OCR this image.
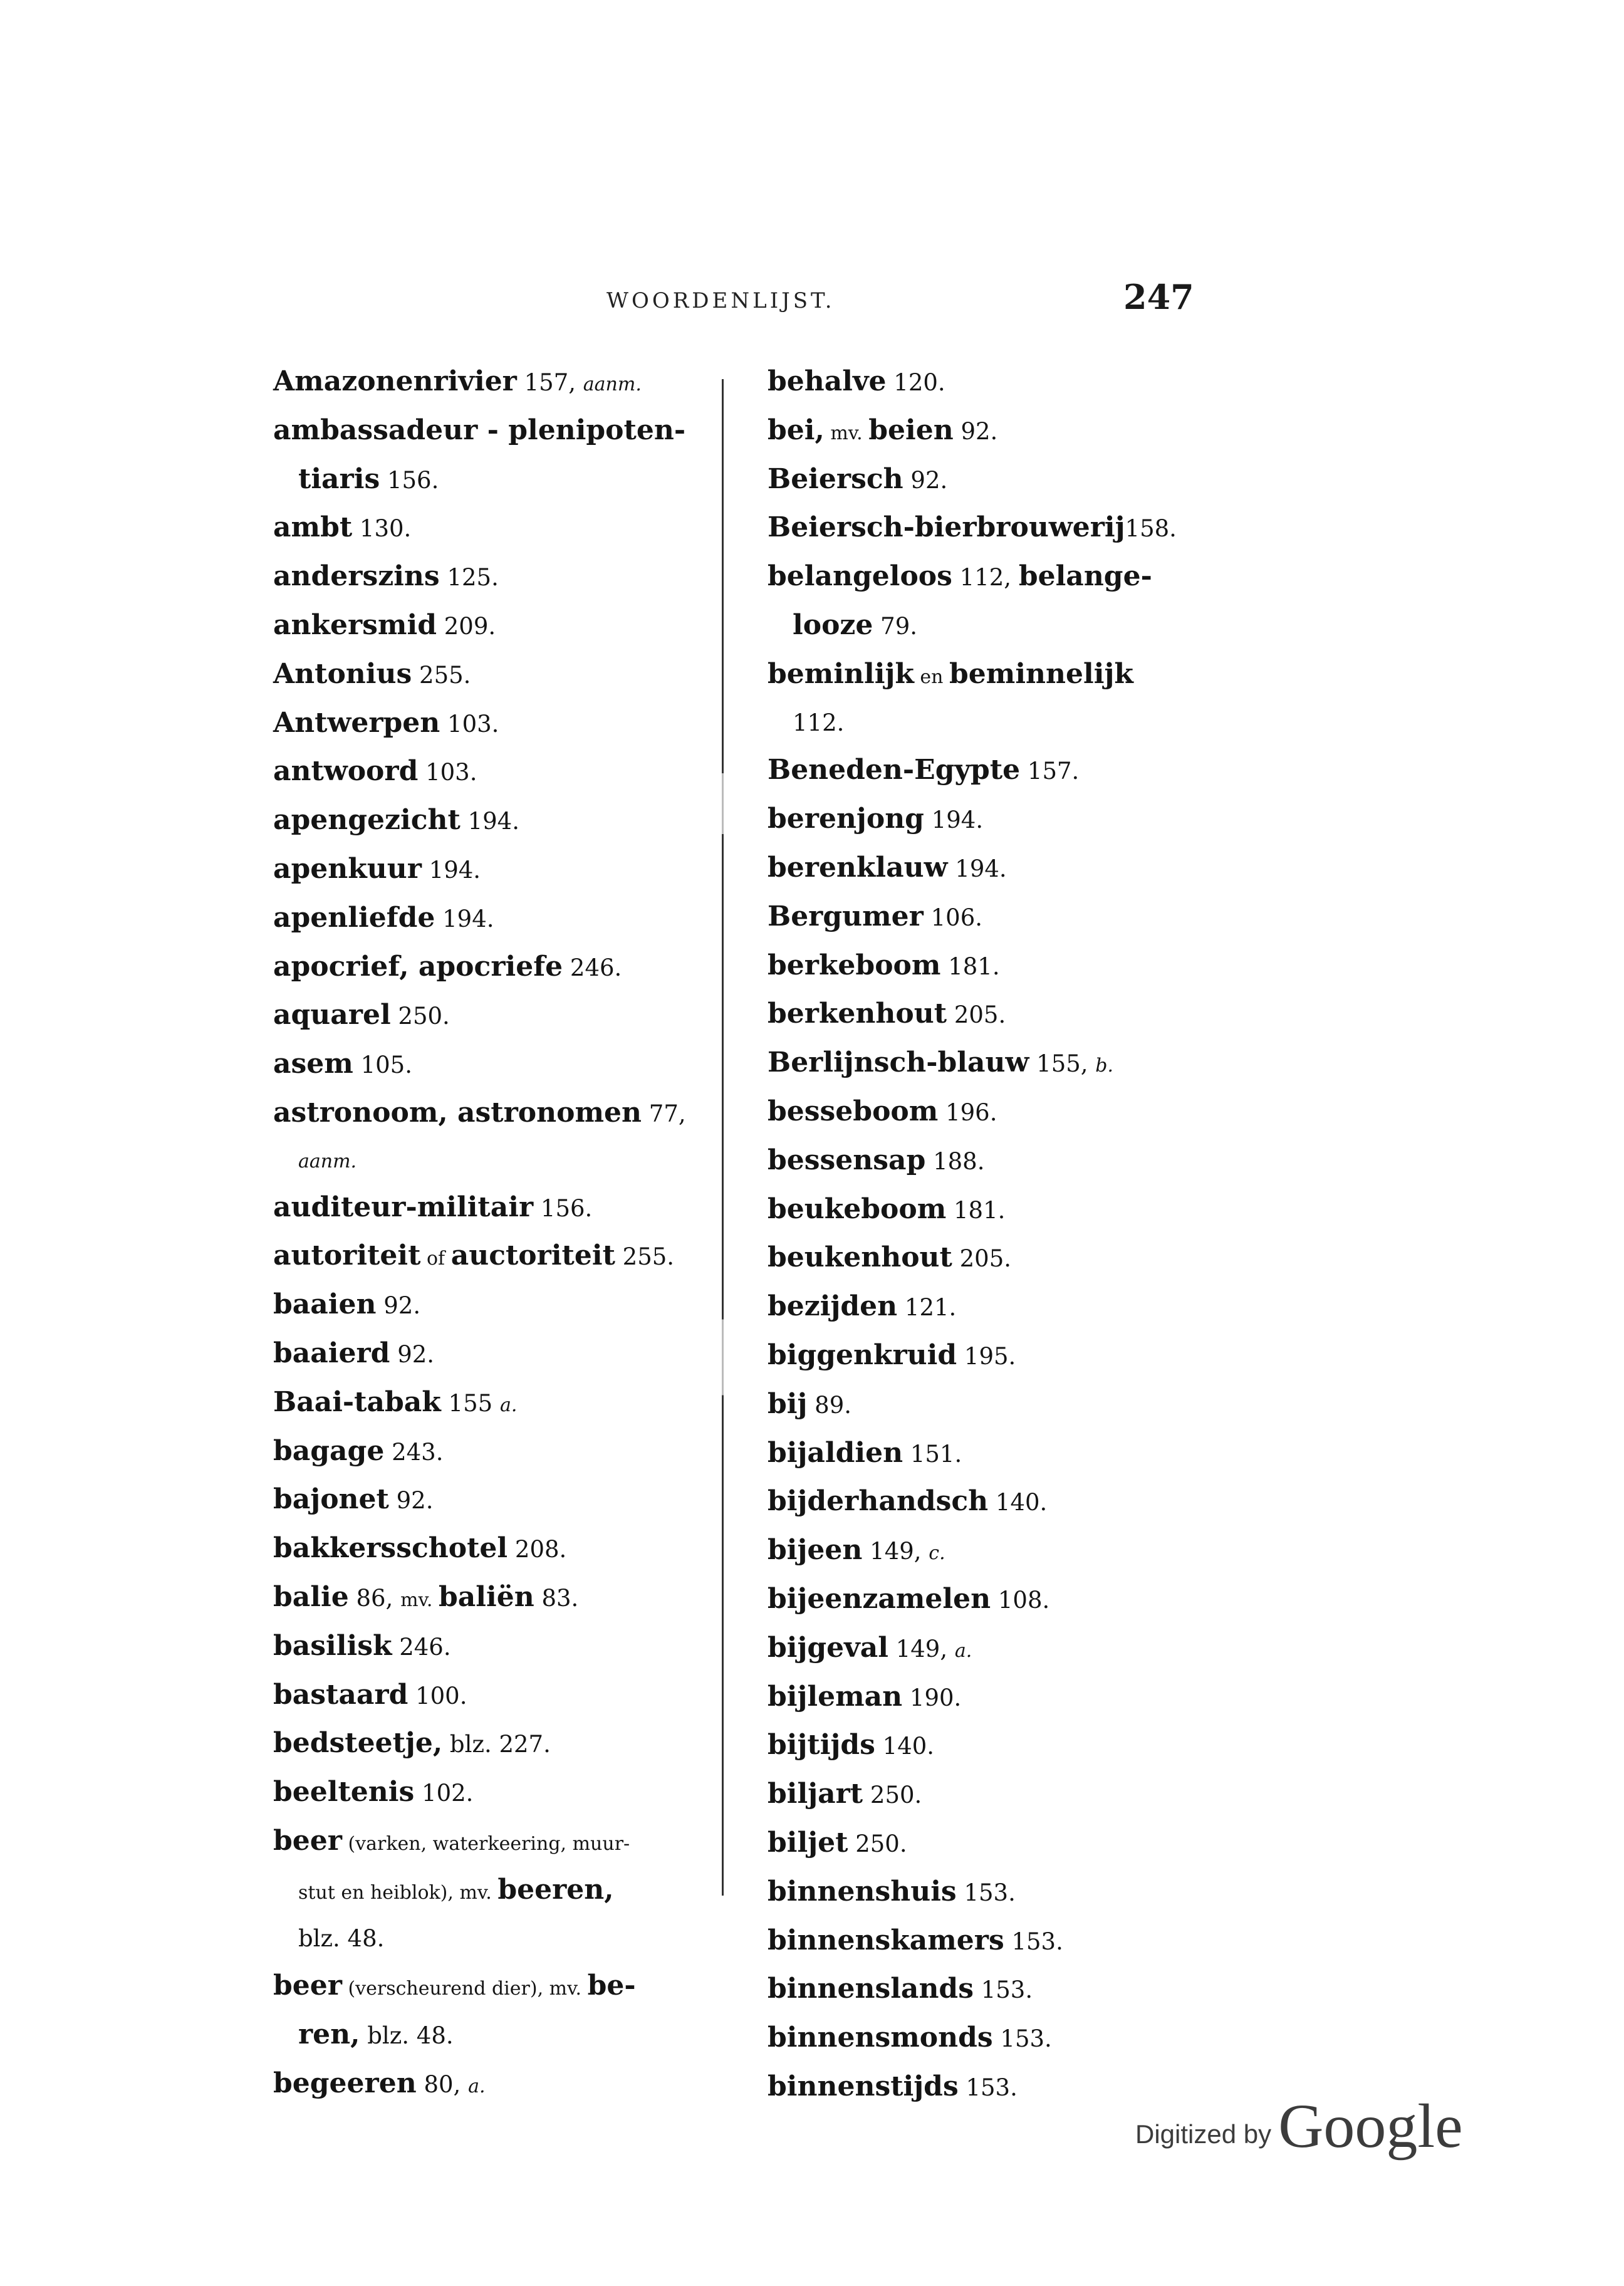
WOORDENLIJST.	247
Amazonenrivier 157, aanm.
ambassadeur - plenipoten-
tiaris 156.
ambt 130.
anderszins 125.
ankersmid 209.
Antonius 255.
Antwerpen 103.
antwoord 103.
apengezicht 194.
apenkuur 194.
apenliefde 194.
apocrief, apocriefe 246.
aquarel 250.
asem 105.
astronoom, astronomen 77,
aanm.
auditeur-militair 156.
autoriteit of auctoriteit 255.
baaien 92.
baaierd 92.
Baai-tabak 155 a.
bagage 243.
bajonet 92.
bakkersschotel 208.
balie 86, mv. baliën 83.
basilisk 246.
bastaard 100.
bedsteetje, blz. 227.
beeltenis 102.
beer (varken, waterkeering, muur-
stut en heiblok), mv. beeren,
blz. 48.
beer (verscheurend dier), mv. be-
ren, blz. 48.
begeeren 80, a.
behalve 120.
bei, mv. beien 92.
Beiersch 92.
Beiersch-bierbrouwerij158.
belangeloos 112, belange-
looze 79.
beminlijk en beminnelijk
112.
Beneden-Egypte 157.
berenjong 194.
berenklauw 194.
Bergumer 106.
berkeboom 181.
berkenhout 205.
Berlijnsch-blauw 155, b.
besseboom 196.
bessensap 188.
beukeboom 181.
beukenhout 205.
bezijden 121.
biggenkruid 195.
bij 89.
bijaldien 151.
bijderhandsch 140.
bijeen 149, c.
bijeenzamelen 108.
bijgeval 149, a.
bijleman 190.
bijtijds 140.
biljart 250.
biljet 250.
binnenshuis 153.
binnenskamers 153.
binnenslands 153.
binnensmonds 153.
binnenstijds 153.
Digitized by Google
